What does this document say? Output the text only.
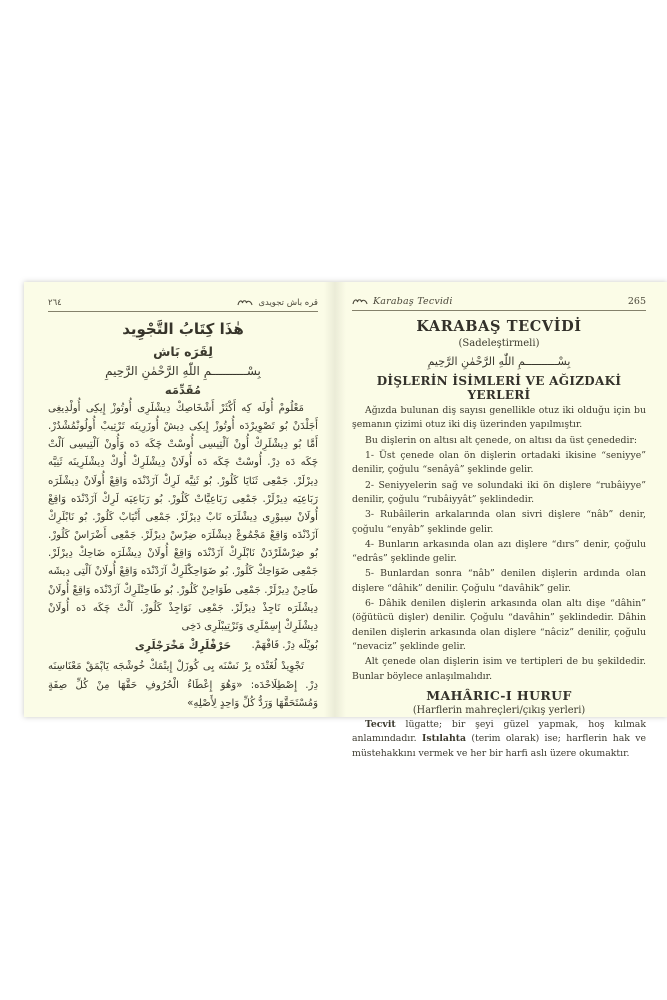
٢٦٤	قره باش تجويدى
هٰذَا كِتَابُ التَّجْوِيد
لِقَرَه بَاش
بِسْــــــــــمِ اللّٰهِ الرَّحْمٰنِ الرَّحِيمِ
مُقَدِّمَه

مَعْلُومْ أُولَه كِه أَكْثَرْ أَشْخَاصِكْ دِيشْلَرِى أُوتُوزْ إِيكِى أُولْدِيغِى أَجَلْدَنْ بُو تَصْوِيرْدَه أُوتُوزْ إِيكِى دِيشْ أُوزَرِينَه تَرْتِيبْ أُولُونْمُشْدُرْ. أَمَّا بُو دِيشْلَرِكْ أُونْ آلْتِيسِى أُوسْتْ چَكَه دَه وَأُونْ آلْتِيسِى آلْتْ چَكَه دَه دِرْ. أُوسْتْ چَكَه دَه أُولَانْ دِيشْلَرِكْ أُوكْ دِيشْلَرِينَه ثَنِيَّه دِيرْلَرْ. جَمْعِى ثَنَايَا كَلُورْ. بُو ثَنِيَّه لَرِكْ آزَدْنْدَه وَاقِعْ أُولَانْ دِيشْلَرَه رَبَاعِيَه دِيرْلَرْ. جَمْعِى رَبَاعِيَّاتْ كَلُورْ. بُو رَبَاعِيَه لَرِكْ آزَدْنْدَه وَاقِعْ أُولَانْ سِيوْرِى دِيشْلَرَه نَابْ دِيرْلَرْ. جَمْعِى أَنْيَابْ كَلُورْ. بُو نَابْلَرِكْ آزَدْنْدَه وَاقِعْ مَجْمُوعْ دِيشْلَرَه ضِرْسْ دِيرْلَرْ. جَمْعِى أَضْرَاسْ كَلُورْ. بُو ضِرْسْلَرْدَنْ نَابْلَرِكْ آزَدْنْدَه وَاقِعْ أُولَانْ دِيشْلَرَه ضَاحِكْ دِيرْلَرْ. جَمْعِى ضَوَاحِكْ كَلُورْ. بُو ضَوَاحِكْلَرِكْ آزَدْنْدَه وَاقِعْ أُولَانْ آلْتِى دِيشَه طَاحِنْ دِيرْلَرْ. جَمْعِى طَوَاحِنْ كَلُورْ. بُو طَاحِنْلَرِكْ آزَدْنْدَه وَاقِعْ أُولَانْ دِيشْلَرَه نَاجِذْ دِيرْلَرْ. جَمْعِى نَوَاجِذْ كَلُورْ. آلْتْ چَكَه دَه أُولَانْ دِيشْلَرِكْ إِسِمْلَرِى وَتَرْتِيبْلَرِى دَخِى

بُويْلَه دِرْ. فَافْهَمْ.
حَرْفْلَرِكْ مَخْرَجْلَرِى

تَجْوِيدْ لُغَتْدَه بِرْ نَسْنَه يِى كُوزَلْ إِيتْمَكْ خُوشْجَه يَاپْمَقْ مَعْنَاسِنَه دِرْ. إِصْطِلَاحْدَه: «وَهُوَ إِعْطَاءُ الْحُرُوفِ حَقَّهَا مِنْ كُلِّ صِفَةٍ وَمُسْتَحَقَّهَا وَرَدُّ كُلِّ وَاحِدٍ لِأَصْلِهِ»

Karabaş Tecvidi	265
KARABAŞ TECVİDİ
(Sadeleştirmeli)
بِسْــــــــــمِ اللّٰهِ الرَّحْمٰنِ الرَّحِيمِ
DİŞLERİN İSİMLERİ VE AĞIZDAKİ YERLERİ

Ağızda bulunan diş sayısı genellikle otuz iki olduğu için bu şemanın çizimi otuz iki diş üzerinden yapılmıştır.

Bu dişlerin on altısı alt çenede, on altısı da üst çenededir:

1- Üst çenede olan ön dişlerin ortadaki ikisine “seniyye” denilir, çoğulu “senâyâ” şeklinde gelir.

2- Seniyyelerin sağ ve solundaki iki ön dişlere “rubâiyye” denilir, çoğulu “rubâiyyât” şeklindedir.

3- Rubâilerin arkalarında olan sivri dişlere “nâb” denir, çoğulu “enyâb” şeklinde gelir.

4- Bunların arkasında olan azı dişlere “dırs” denir, çoğulu “edrâs” şeklinde gelir.

5- Bunlardan sonra “nâb” denilen dişlerin ardında olan dişlere “dâhik” denilir. Çoğulu “davâhik” gelir.

6- Dâhik denilen dişlerin arkasında olan altı dişe “dâhin” (öğütücü dişler) denilir. Çoğulu “davâhin” şeklindedir. Dâhin denilen dişlerin arkasında olan dişlere “nâciz” denilir, çoğulu “nevaciz” şeklinde gelir.

Alt çenede olan dişlerin isim ve tertipleri de bu şekildedir. Bunlar böylece anlaşılmalıdır.

MAHÂRIC-I HURUF
(Harflerin mahreçleri/çıkış yerleri)

Tecvit lügatte; bir şeyi güzel yapmak, hoş kılmak anlamındadır. Istılahta (terim olarak) ise; harflerin hak ve müstehakkını vermek ve her bir harfi aslı üzere okumaktır.
